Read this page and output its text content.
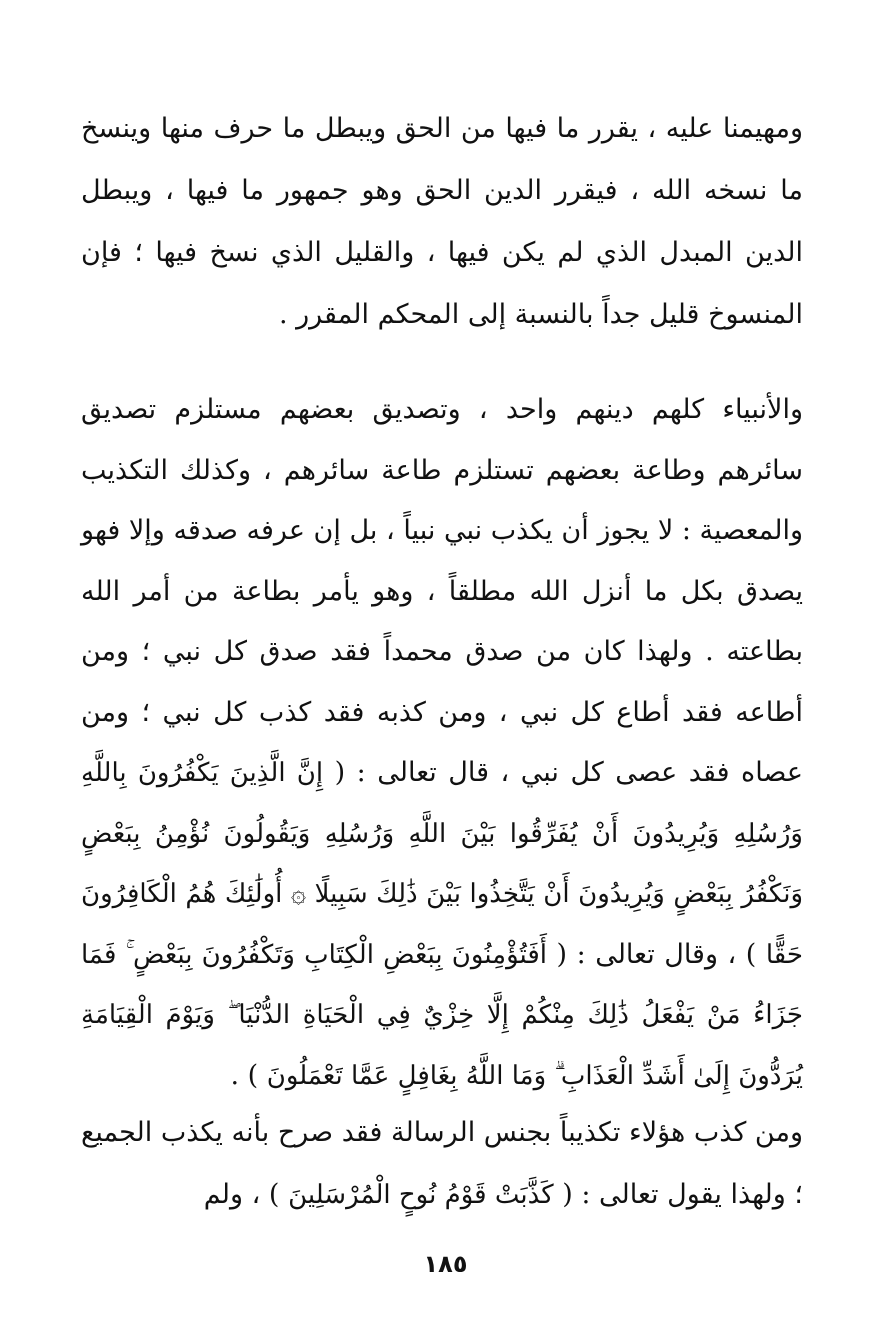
ومهيمنا عليه ، يقرر ما فيها من الحق ويبطل ما حرف منها وينسخ ما نسخه الله ، فيقرر الدين الحق وهو جمهور ما فيها ، ويبطل الدين المبدل الذي لم يكن فيها ، والقليل الذي نسخ فيها ؛ فإن المنسوخ قليل جداً بالنسبة إلى المحكم المقرر .

والأنبياء كلهم دينهم واحد ، وتصديق بعضهم مستلزم تصديق سائرهم وطاعة بعضهم تستلزم طاعة سائرهم ، وكذلك التكذيب والمعصية : لا يجوز أن يكذب نبي نبياً ، بل إن عرفه صدقه وإلا فهو يصدق بكل ما أنزل الله مطلقاً ، وهو يأمر بطاعة من أمر الله بطاعته . ولهذا كان من صدق محمداً فقد صدق كل نبي ؛ ومن أطاعه فقد أطاع كل نبي ، ومن كذبه فقد كذب كل نبي ؛ ومن عصاه فقد عصى كل نبي ، قال تعالى : ( إِنَّ الَّذِينَ يَكْفُرُونَ بِاللَّهِ وَرُسُلِهِ وَيُرِيدُونَ أَنْ يُفَرِّقُوا بَيْنَ اللَّهِ وَرُسُلِهِ وَيَقُولُونَ نُؤْمِنُ بِبَعْضٍ وَنَكْفُرُ بِبَعْضٍ وَيُرِيدُونَ أَنْ يَتَّخِذُوا بَيْنَ ذَٰلِكَ سَبِيلًا ۞ أُولَٰئِكَ هُمُ الْكَافِرُونَ حَقًّا ) ، وقال تعالى : ( أَفَتُؤْمِنُونَ بِبَعْضِ الْكِتَابِ وَتَكْفُرُونَ بِبَعْضٍ ۚ فَمَا جَزَاءُ مَنْ يَفْعَلُ ذَٰلِكَ مِنْكُمْ إِلَّا خِزْيٌ فِي الْحَيَاةِ الدُّنْيَا ۖ وَيَوْمَ الْقِيَامَةِ يُرَدُّونَ إِلَىٰ أَشَدِّ الْعَذَابِ ۗ وَمَا اللَّهُ بِغَافِلٍ عَمَّا تَعْمَلُونَ ) .

ومن كذب هؤلاء تكذيباً بجنس الرسالة فقد صرح بأنه يكذب الجميع ؛ ولهذا يقول تعالى : ( كَذَّبَتْ قَوْمُ نُوحٍ الْمُرْسَلِينَ ) ، ولم

١٨٥
